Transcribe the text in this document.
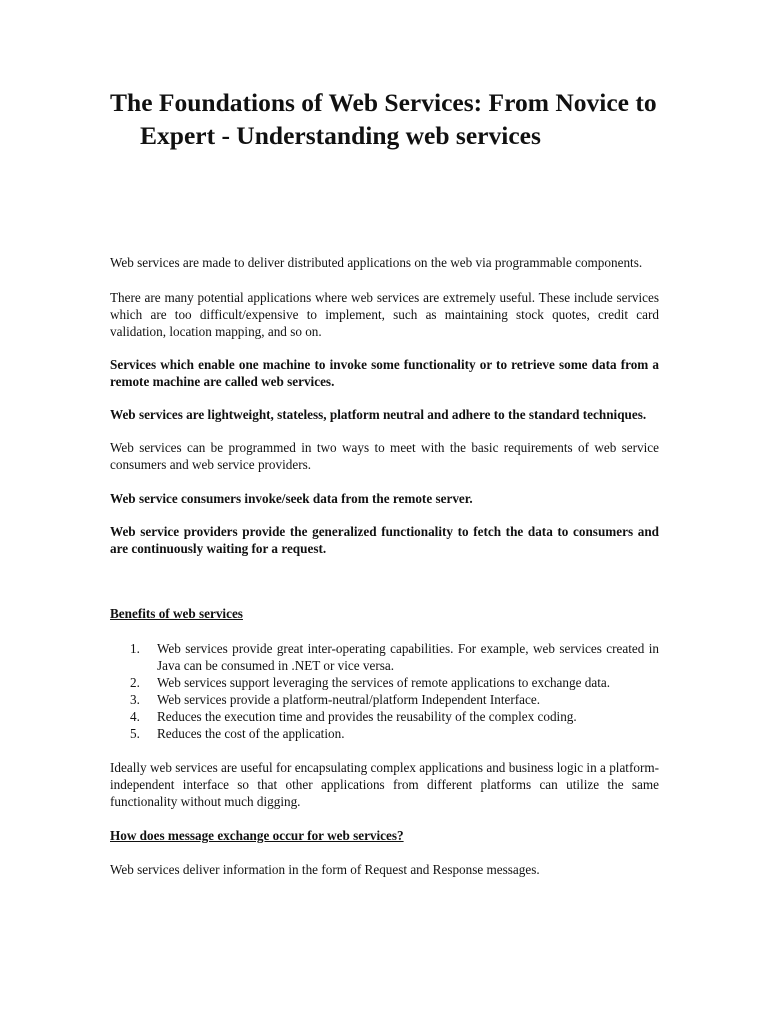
The Foundations of Web Services: From Novice to Expert - Understanding web services

Web services are made to deliver distributed applications on the web via programmable components.

There are many potential applications where web services are extremely useful. These include services which are too difficult/expensive to implement, such as maintaining stock quotes, credit card validation, location mapping, and so on.

Services which enable one machine to invoke some functionality or to retrieve some data from a remote machine are called web services.

Web services are lightweight, stateless, platform neutral and adhere to the standard techniques.

Web services can be programmed in two ways to meet with the basic requirements of web service consumers and web service providers.

Web service consumers invoke/seek data from the remote server.

Web service providers provide the generalized functionality to fetch the data to consumers and are continuously waiting for a request.

Benefits of web services
1. Web services provide great inter-operating capabilities. For example, web services created in Java can be consumed in .NET or vice versa.
2. Web services support leveraging the services of remote applications to exchange data.
3. Web services provide a platform-neutral/platform Independent Interface.
4. Reduces the execution time and provides the reusability of the complex coding.
5. Reduces the cost of the application.

Ideally web services are useful for encapsulating complex applications and business logic in a platform-independent interface so that other applications from different platforms can utilize the same functionality without much digging.

How does message exchange occur for web services?

Web services deliver information in the form of Request and Response messages.
